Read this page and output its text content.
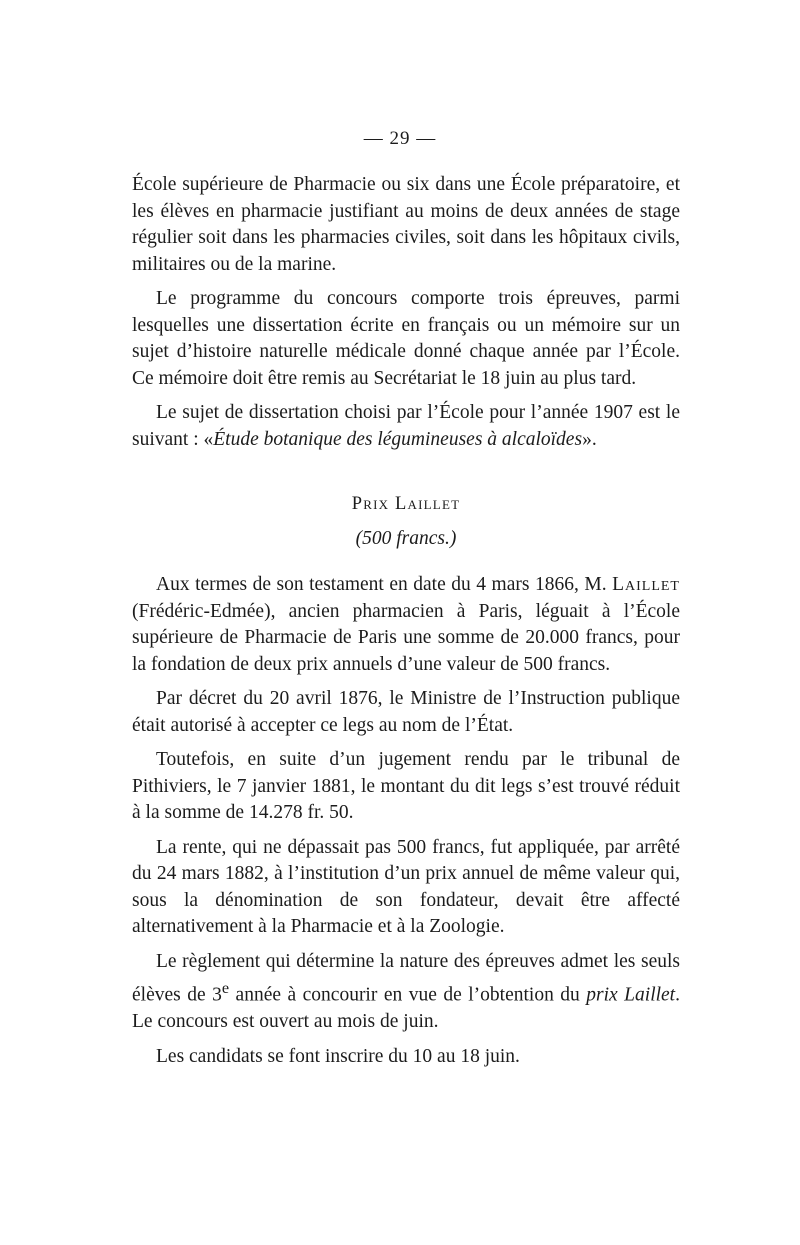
— 29 —

École supérieure de Pharmacie ou six dans une École préparatoire, et les élèves en pharmacie justifiant au moins de deux années de stage régulier soit dans les pharmacies civiles, soit dans les hôpitaux civils, militaires ou de la marine.

Le programme du concours comporte trois épreuves, parmi lesquelles une dissertation écrite en français ou un mémoire sur un sujet d’histoire naturelle médicale donné chaque année par l’École. Ce mémoire doit être remis au Secrétariat le 18 juin au plus tard.

Le sujet de dissertation choisi par l’École pour l’année 1907 est le suivant : «Étude botanique des légumineuses à alcaloïdes».

Prix Laillet
(500 francs.)

Aux termes de son testament en date du 4 mars 1866, M. Laillet (Frédéric-Edmée), ancien pharmacien à Paris, léguait à l’École supérieure de Pharmacie de Paris une somme de 20.000 francs, pour la fondation de deux prix annuels d’une valeur de 500 francs.

Par décret du 20 avril 1876, le Ministre de l’Instruction publique était autorisé à accepter ce legs au nom de l’État.

Toutefois, en suite d’un jugement rendu par le tribunal de Pithiviers, le 7 janvier 1881, le montant du dit legs s’est trouvé réduit à la somme de 14.278 fr. 50.

La rente, qui ne dépassait pas 500 francs, fut appliquée, par arrêté du 24 mars 1882, à l’institution d’un prix annuel de même valeur qui, sous la dénomination de son fondateur, devait être affecté alternativement à la Pharmacie et à la Zoologie.

Le règlement qui détermine la nature des épreuves admet les seuls élèves de 3e année à concourir en vue de l’obtention du prix Laillet. Le concours est ouvert au mois de juin.

Les candidats se font inscrire du 10 au 18 juin.
